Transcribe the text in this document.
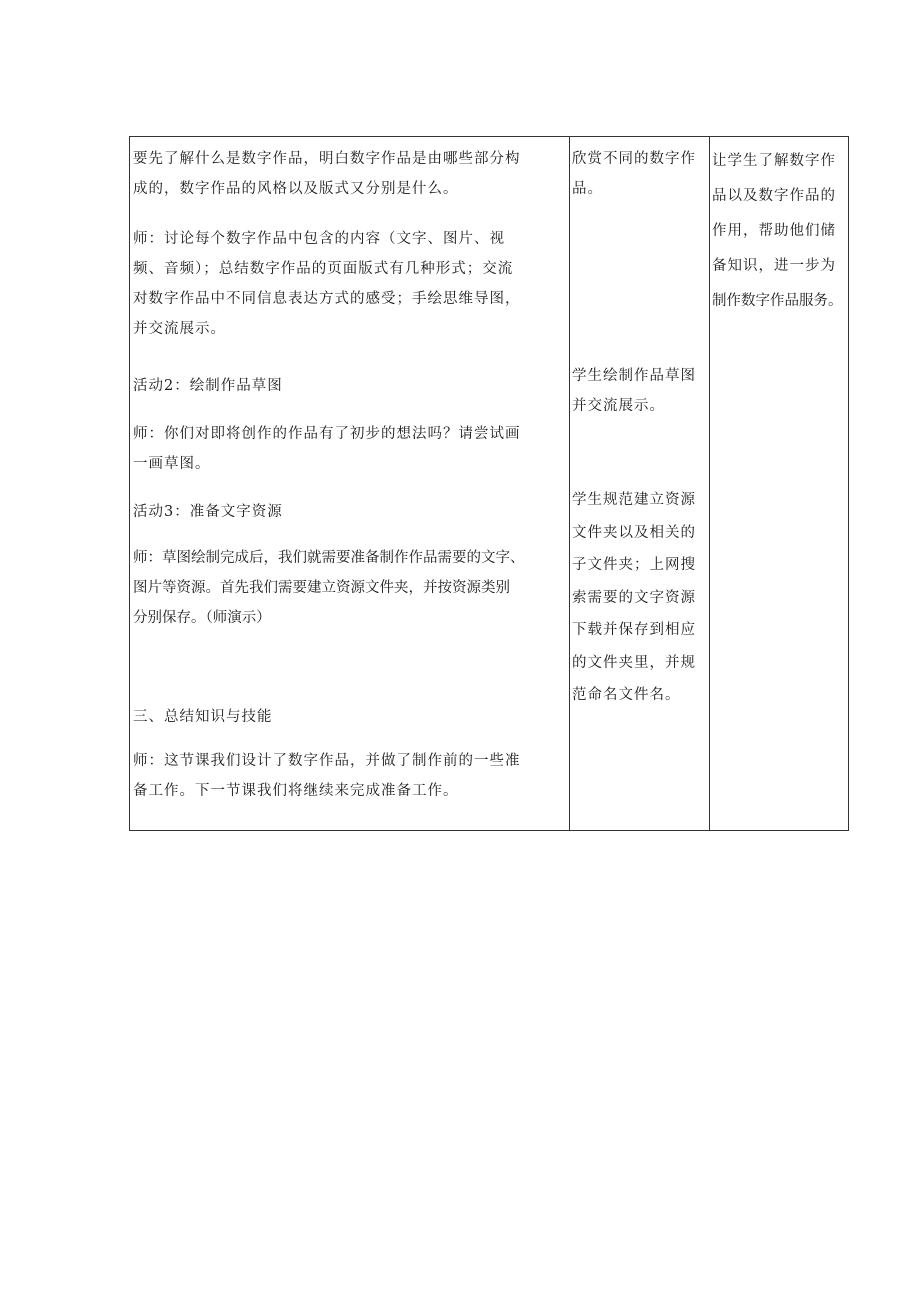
要先了解什么是数字作品，明白数字作品是由哪些部分构
成的，数字作品的风格以及版式又分别是什么。
师：讨论每个数字作品中包含的内容（文字、图片、视
频、音频）；总结数字作品的页面版式有几种形式；交流
对数字作品中不同信息表达方式的感受；手绘思维导图，
并交流展示。
活动2：绘制作品草图
师：你们对即将创作的作品有了初步的想法吗？请尝试画
一画草图。
活动3：准备文字资源
师：草图绘制完成后，我们就需要准备制作作品需要的文字、
图片等资源。首先我们需要建立资源文件夹，并按资源类别
分别保存。（师演示）
三、总结知识与技能
师：这节课我们设计了数字作品，并做了制作前的一些准
备工作。下一节课我们将继续来完成准备工作。
欣赏不同的数字作
品。
学生绘制作品草图
并交流展示。
学生规范建立资源
文件夹以及相关的
子文件夹；上网搜
索需要的文字资源
下载并保存到相应
的文件夹里，并规
范命名文件名。
让学生了解数字作
品以及数字作品的
作用，帮助他们储
备知识，进一步为
制作数字作品服务。
